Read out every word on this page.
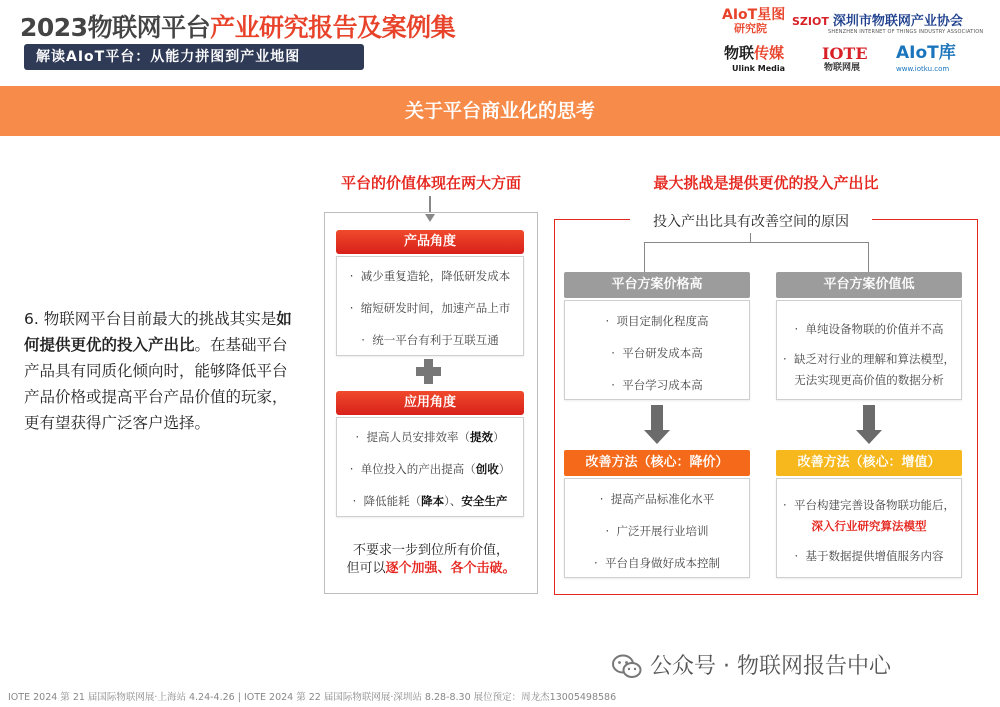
2023物联网平台产业研究报告及案例集
解读AIoT平台：从能力拼图到产业地图
AIoT星图
研究院
SZIOT 深圳市物联网产业协会
SHENZHEN INTERNET OF THINGS INDUSTRY ASSOCIATION
物联传媒
Ulink Media
IOTE
物联网展
AIoT库
www.iotku.com
关于平台商业化的思考
6. 物联网平台目前最大的挑战其实是如何提供更优的投入产出比。在基础平台产品具有同质化倾向时，能够降低平台产品价格或提高平台产品价值的玩家，更有望获得广泛客户选择。
平台的价值体现在两大方面
产品角度
·  减少重复造轮，降低研发成本
·  缩短研发时间，加速产品上市
·  统一平台有利于互联互通
应用角度
·  提高人员安排效率（提效）
·  单位投入的产出提高（创收）
·  降低能耗（降本）、安全生产
不要求一步到位所有价值，
但可以逐个加强、各个击破。
最大挑战是提供更优的投入产出比
投入产出比具有改善空间的原因
平台方案价格高
·  项目定制化程度高
·  平台研发成本高
·  平台学习成本高
平台方案价值低
·  单纯设备物联的价值并不高
·  缺乏对行业的理解和算法模型，
无法实现更高价值的数据分析
改善方法（核心：降价）
·  提高产品标准化水平
·  广泛开展行业培训
·  平台自身做好成本控制
改善方法（核心：增值）
·  平台构建完善设备物联功能后，
深入行业研究算法模型
·  基于数据提供增值服务内容
公众号 · 物联网报告中心
IOTE 2024 第 21 届国际物联网展·上海站 4.24-4.26 | IOTE 2024 第 22 届国际物联网展·深圳站 8.28-8.30 展位预定：周龙杰13005498586
